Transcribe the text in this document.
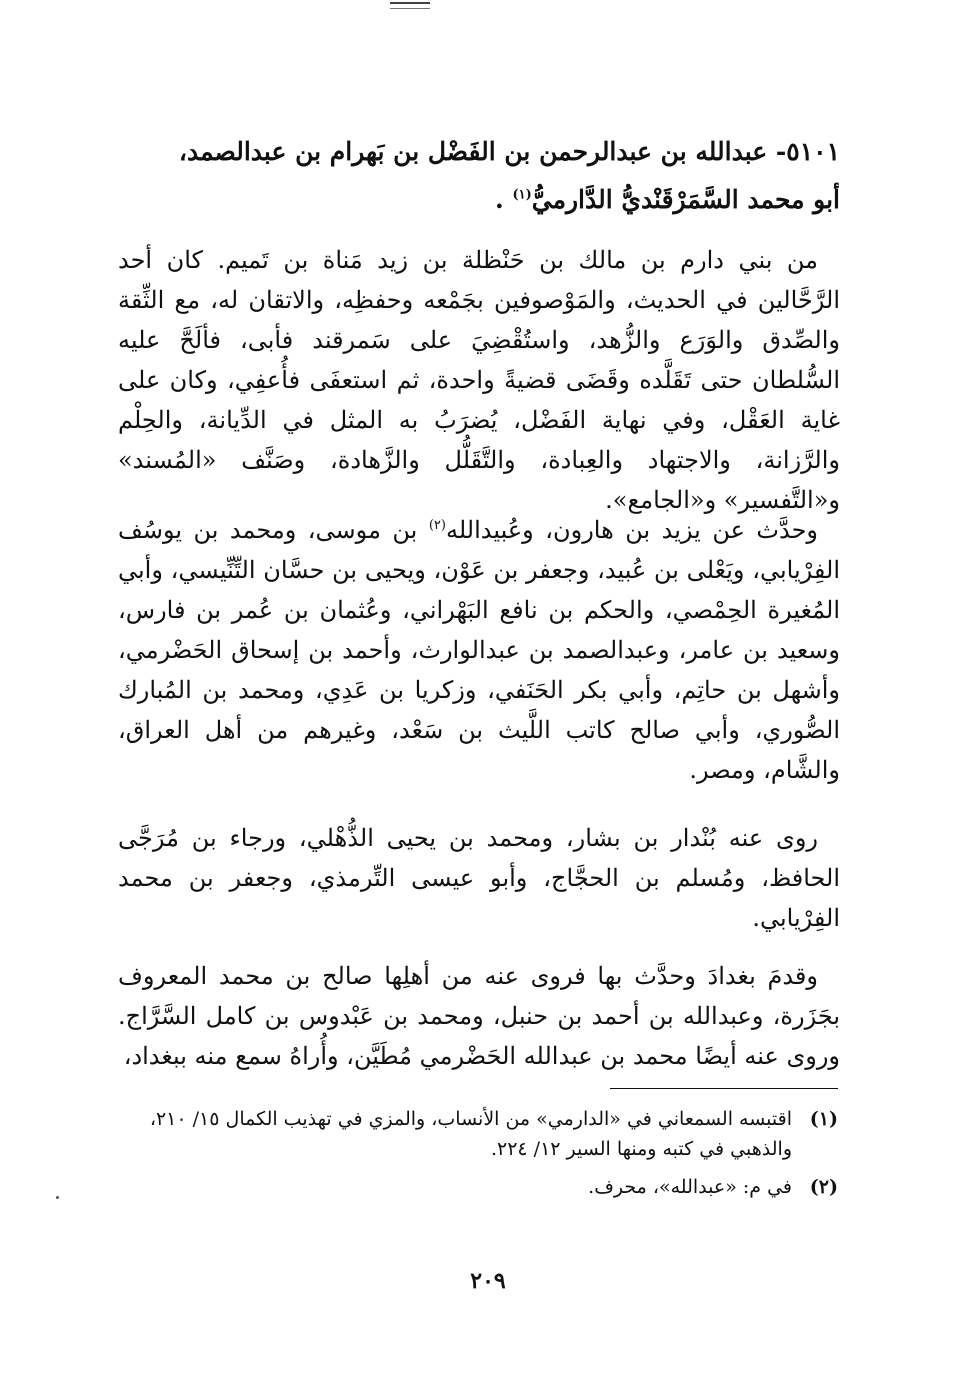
٥١٠١- عبدالله بن عبدالرحمن بن الفَضْل بن بَهرام بن عبدالصمد،
أبو محمد السَّمَرْقَنْديُّ الدَّارميُّ$^{(١)}$ .

من بني دارم بن مالك بن حَنْظلة بن زيد مَناة بن تَميم. كان أحد الرَّحَّالين في الحديث، والمَوْصوفين بجَمْعه وحفظِه، والاتقان له، مع الثِّقة والصِّدق والوَرَع والزُّهد، واستُقْضِيَ على سَمرقند فأبى، فألَحَّ عليه السُّلطان حتى تَقَلَّده وقَضَى قضيةً واحدة، ثم استعفَى فأُعفِي، وكان على غاية العَقْل، وفي نهاية الفَضْل، يُضرَبُ به المثل في الدِّيانة، والحِلْم والرَّزانة، والاجتهاد والعِبادة، والتَّقَلُّل والزَّهادة، وصَنَّف «المُسند» و«التَّفسير» و«الجامع».

وحدَّث عن يزيد بن هارون، وعُبيدالله$^{(٢)}$ بن موسى، ومحمد بن يوسُف الفِرْيابي، ويَعْلى بن عُبيد، وجعفر بن عَوْن، ويحيى بن حسَّان التِّنِّيسي، وأبي المُغيرة الحِمْصي، والحكم بن نافع البَهْراني، وعُثمان بن عُمر بن فارس، وسعيد بن عامر، وعبدالصمد بن عبدالوارث، وأحمد بن إسحاق الحَضْرمي، وأشهل بن حاتِم، وأبي بكر الحَنَفي، وزكريا بن عَدِي، ومحمد بن المُبارك الصُّوري، وأبي صالح كاتب اللَّيث بن سَعْد، وغيرهم من أهل العراق، والشَّام، ومصر.

روى عنه بُنْدار بن بشار، ومحمد بن يحيى الذُّهْلي، ورجاء بن مُرَجَّى الحافظ، ومُسلم بن الحجَّاج، وأبو عيسى التِّرمذي، وجعفر بن محمد الفِرْيابي.

وقدمَ بغدادَ وحدَّث بها فروى عنه من أهلِها صالح بن محمد المعروف بجَزَرة، وعبدالله بن أحمد بن حنبل، ومحمد بن عَبْدوس بن كامل السَّرَّاج. وروى عنه أيضًا محمد بن عبدالله الحَضْرمي مُطَيَّن، وأُراهُ سمع منه ببغداد،

(١)
اقتبسه السمعاني في «الدارمي» من الأنساب، والمزي في تهذيب الكمال ١٥/ ٢١٠، والذهبي في كتبه ومنها السير ١٢/ ٢٢٤.
(٢)
في م: «عبدالله»، محرف.
٢٠٩
